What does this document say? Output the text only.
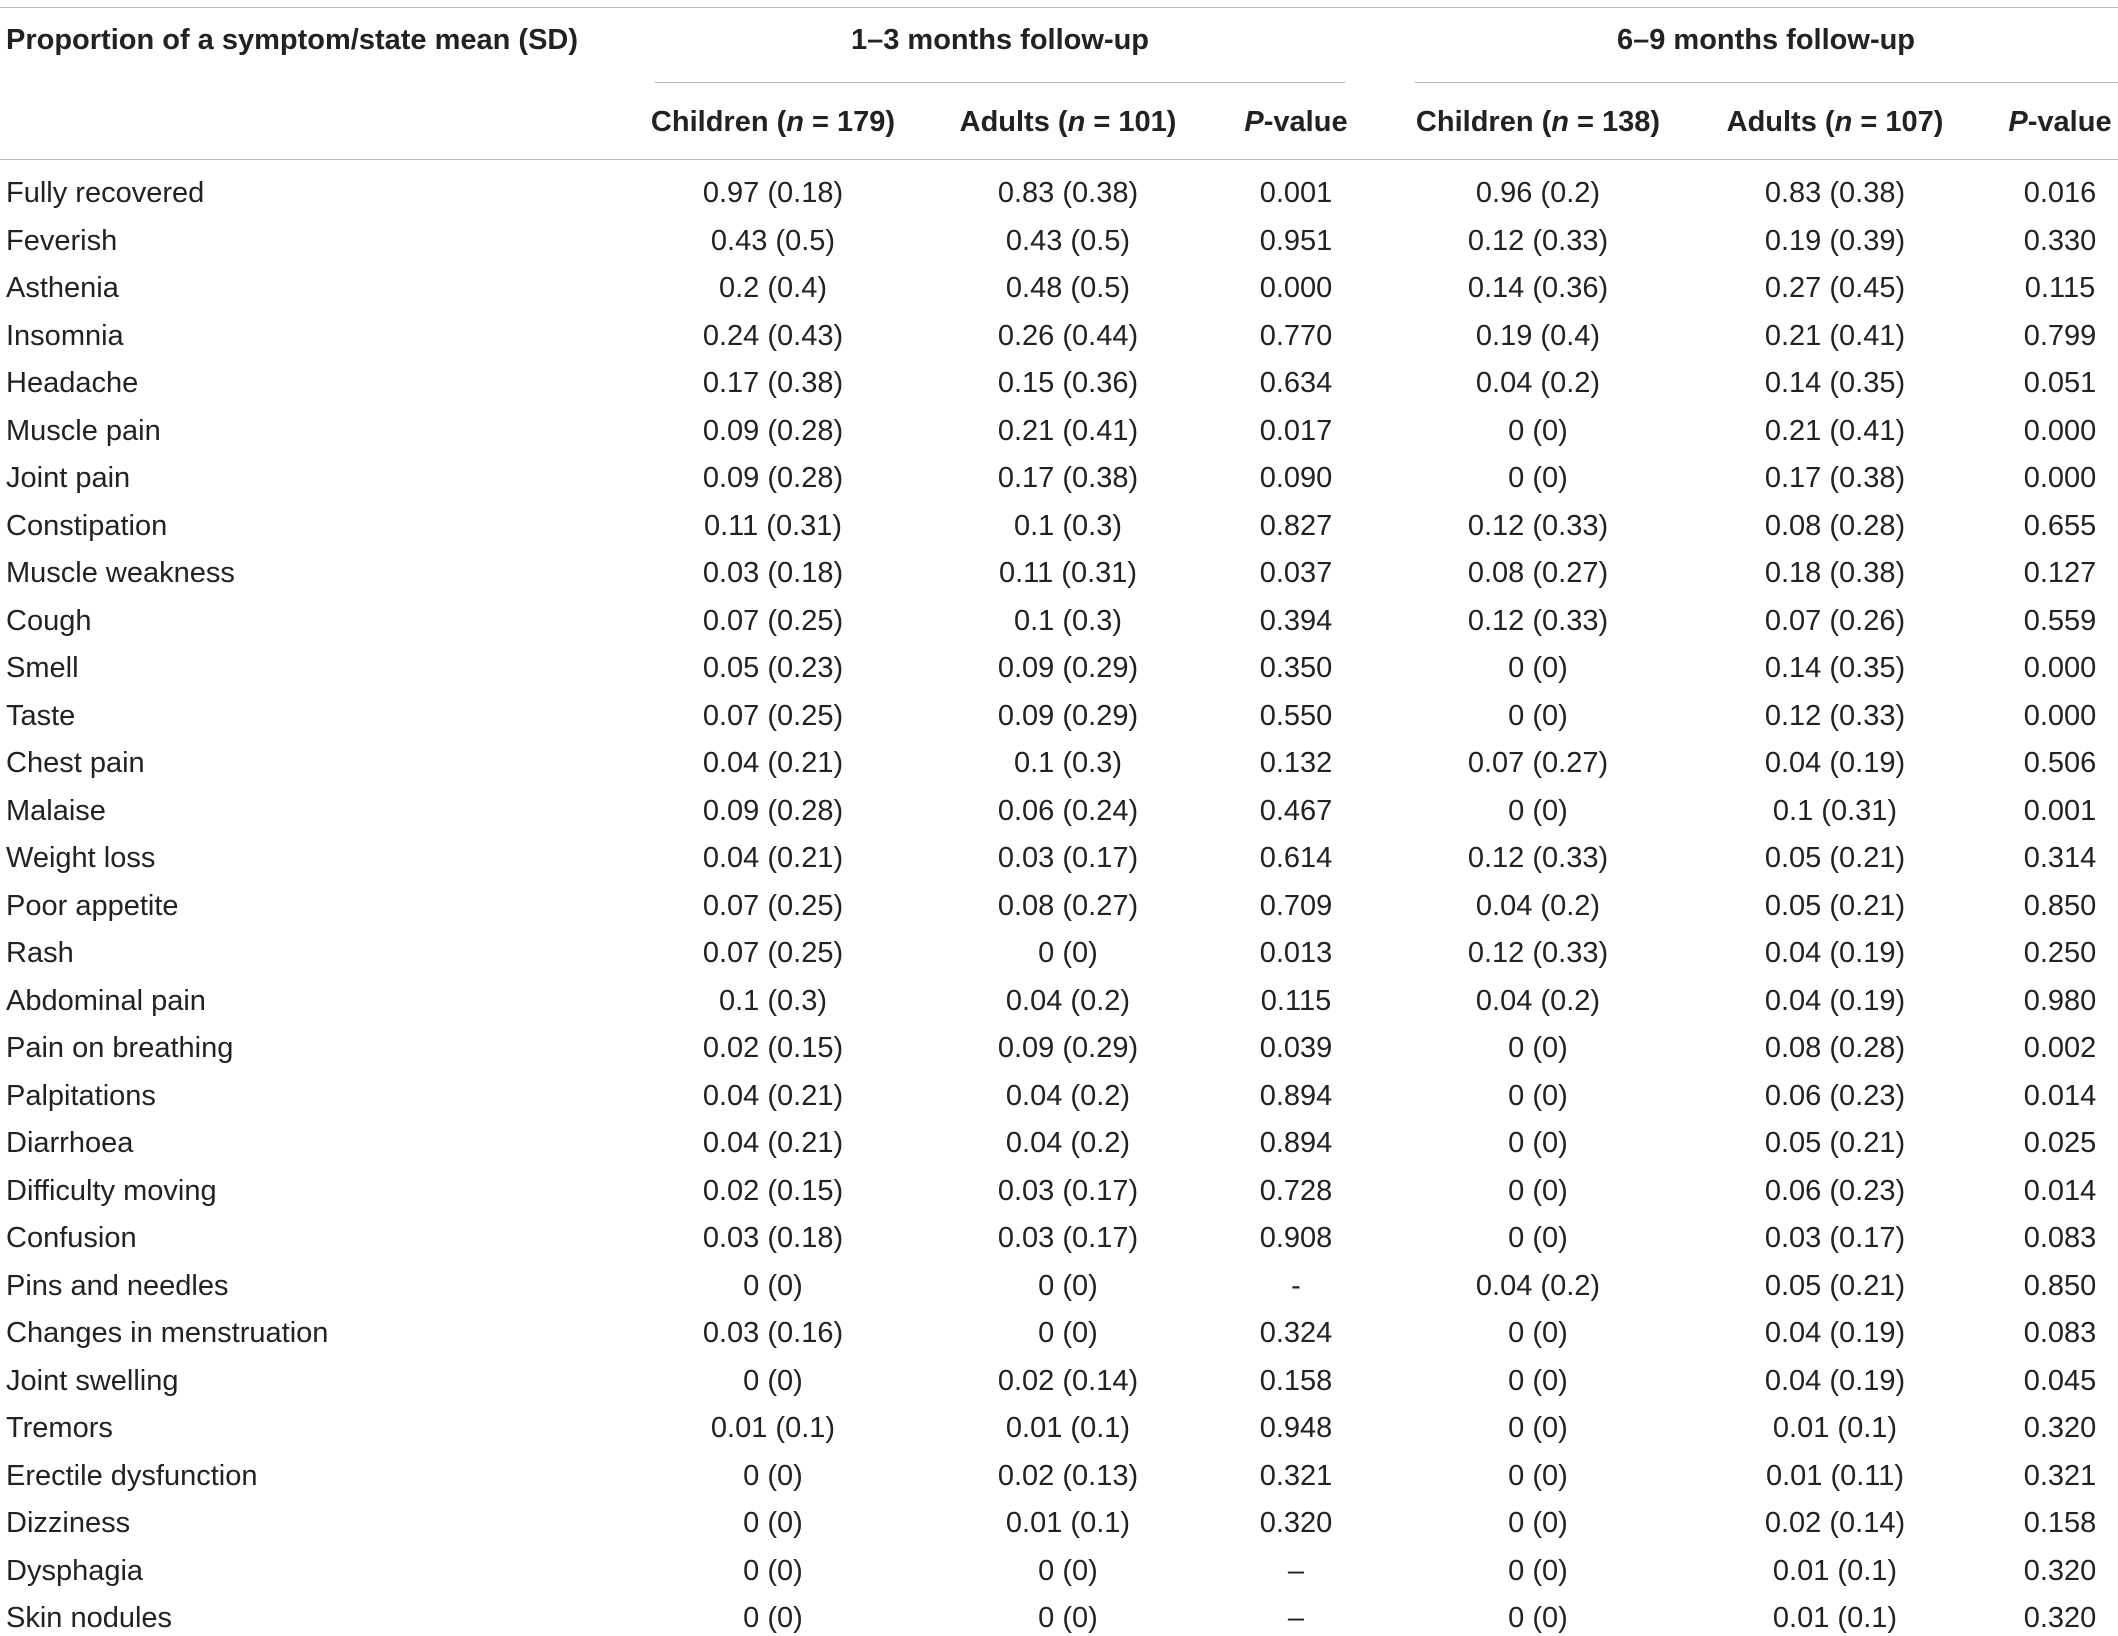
Proportion of a symptom/state mean (SD)	1–3 months follow-up	6–9 months follow-up
Children (n = 179) Adults (n = 101) P-value Children (n = 138) Adults (n = 107) P-value
Fully recovered	0.97 (0.18)	0.83 (0.38)	0.001	0.96 (0.2)	0.83 (0.38)	0.016
Feverish	0.43 (0.5)	0.43 (0.5)	0.951	0.12 (0.33)	0.19 (0.39)	0.330
Asthenia	0.2 (0.4)	0.48 (0.5)	0.000	0.14 (0.36)	0.27 (0.45)	0.115
Insomnia	0.24 (0.43)	0.26 (0.44)	0.770	0.19 (0.4)	0.21 (0.41)	0.799
Headache	0.17 (0.38)	0.15 (0.36)	0.634	0.04 (0.2)	0.14 (0.35)	0.051
Muscle pain	0.09 (0.28)	0.21 (0.41)	0.017	0 (0)	0.21 (0.41)	0.000
Joint pain	0.09 (0.28)	0.17 (0.38)	0.090	0 (0)	0.17 (0.38)	0.000
Constipation	0.11 (0.31)	0.1 (0.3)	0.827	0.12 (0.33)	0.08 (0.28)	0.655
Muscle weakness	0.03 (0.18)	0.11 (0.31)	0.037	0.08 (0.27)	0.18 (0.38)	0.127
Cough	0.07 (0.25)	0.1 (0.3)	0.394	0.12 (0.33)	0.07 (0.26)	0.559
Smell	0.05 (0.23)	0.09 (0.29)	0.350	0 (0)	0.14 (0.35)	0.000
Taste	0.07 (0.25)	0.09 (0.29)	0.550	0 (0)	0.12 (0.33)	0.000
Chest pain	0.04 (0.21)	0.1 (0.3)	0.132	0.07 (0.27)	0.04 (0.19)	0.506
Malaise	0.09 (0.28)	0.06 (0.24)	0.467	0 (0)	0.1 (0.31)	0.001
Weight loss	0.04 (0.21)	0.03 (0.17)	0.614	0.12 (0.33)	0.05 (0.21)	0.314
Poor appetite	0.07 (0.25)	0.08 (0.27)	0.709	0.04 (0.2)	0.05 (0.21)	0.850
Rash	0.07 (0.25)	0 (0)	0.013	0.12 (0.33)	0.04 (0.19)	0.250
Abdominal pain	0.1 (0.3)	0.04 (0.2)	0.115	0.04 (0.2)	0.04 (0.19)	0.980
Pain on breathing	0.02 (0.15)	0.09 (0.29)	0.039	0 (0)	0.08 (0.28)	0.002
Palpitations	0.04 (0.21)	0.04 (0.2)	0.894	0 (0)	0.06 (0.23)	0.014
Diarrhoea	0.04 (0.21)	0.04 (0.2)	0.894	0 (0)	0.05 (0.21)	0.025
Difficulty moving	0.02 (0.15)	0.03 (0.17)	0.728	0 (0)	0.06 (0.23)	0.014
Confusion	0.03 (0.18)	0.03 (0.17)	0.908	0 (0)	0.03 (0.17)	0.083
Pins and needles	0 (0)	0 (0)	-	0.04 (0.2)	0.05 (0.21)	0.850
Changes in menstruation	0.03 (0.16)	0 (0)	0.324	0 (0)	0.04 (0.19)	0.083
Joint swelling	0 (0)	0.02 (0.14)	0.158	0 (0)	0.04 (0.19)	0.045
Tremors	0.01 (0.1)	0.01 (0.1)	0.948	0 (0)	0.01 (0.1)	0.320
Erectile dysfunction	0 (0)	0.02 (0.13)	0.321	0 (0)	0.01 (0.11)	0.321
Dizziness	0 (0)	0.01 (0.1)	0.320	0 (0)	0.02 (0.14)	0.158
Dysphagia	0 (0)	0 (0)	–	0 (0)	0.01 (0.1)	0.320
Skin nodules	0 (0)	0 (0)	–	0 (0)	0.01 (0.1)	0.320
